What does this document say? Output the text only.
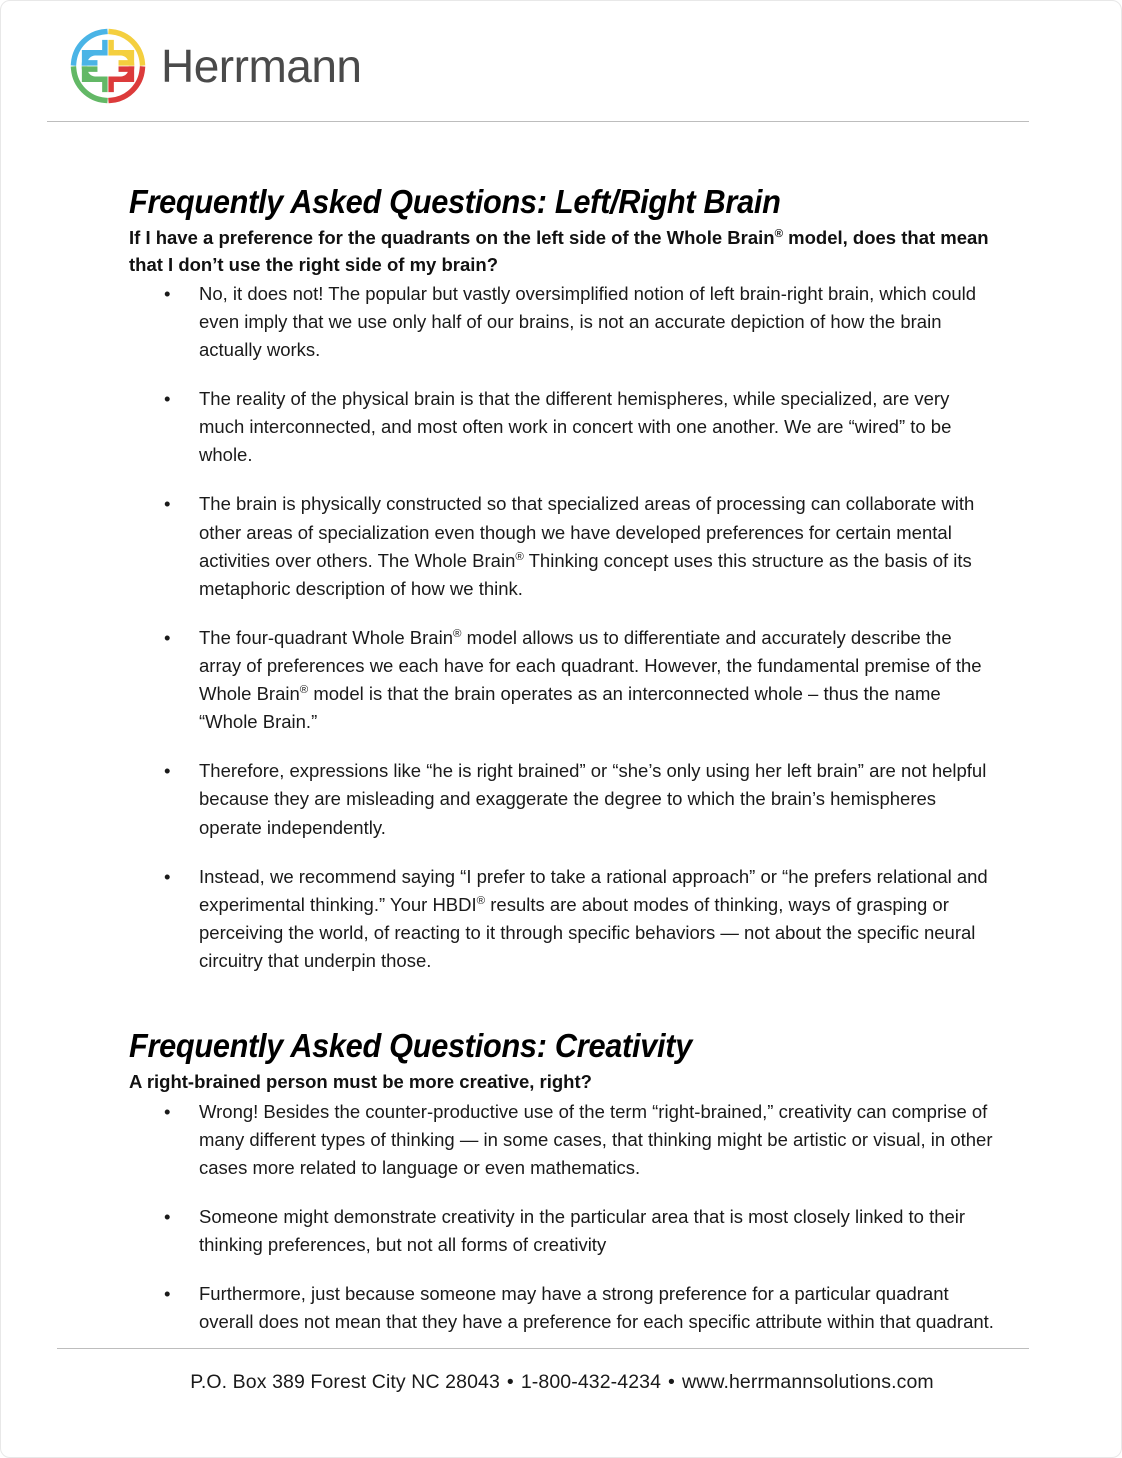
Herrmann
Frequently Asked Questions: Left/Right Brain

If I have a preference for the quadrants on the left side of the Whole Brain® model, does that mean that I don’t use the right side of my brain?

• No, it does not! The popular but vastly oversimplified notion of left brain-right brain, which could even imply that we use only half of our brains, is not an accurate depiction of how the brain actually works.
• The reality of the physical brain is that the different hemispheres, while specialized, are very much interconnected, and most often work in concert with one another. We are “wired” to be whole.
• The brain is physically constructed so that specialized areas of processing can collaborate with other areas of specialization even though we have developed preferences for certain mental activities over others. The Whole Brain® Thinking concept uses this structure as the basis of its metaphoric description of how we think.
• The four-quadrant Whole Brain® model allows us to differentiate and accurately describe the array of preferences we each have for each quadrant. However, the fundamental premise of the Whole Brain® model is that the brain operates as an interconnected whole – thus the name “Whole Brain.”
• Therefore, expressions like “he is right brained” or “she’s only using her left brain” are not helpful because they are misleading and exaggerate the degree to which the brain’s hemispheres operate independently.
• Instead, we recommend saying “I prefer to take a rational approach” or “he prefers relational and experimental thinking.” Your HBDI® results are about modes of thinking, ways of grasping or perceiving the world, of reacting to it through specific behaviors — not about the specific neural circuitry that underpin those.
Frequently Asked Questions: Creativity

A right-brained person must be more creative, right?

• Wrong! Besides the counter-productive use of the term “right-brained,” creativity can comprise of many different types of thinking — in some cases, that thinking might be artistic or visual, in other cases more related to language or even mathematics.
• Someone might demonstrate creativity in the particular area that is most closely linked to their thinking preferences, but not all forms of creativity
• Furthermore, just because someone may have a strong preference for a particular quadrant overall does not mean that they have a preference for each specific attribute within that quadrant.
P.O. Box 389 Forest City NC 28043 • 1-800-432-4234 • www.herrmannsolutions.com
